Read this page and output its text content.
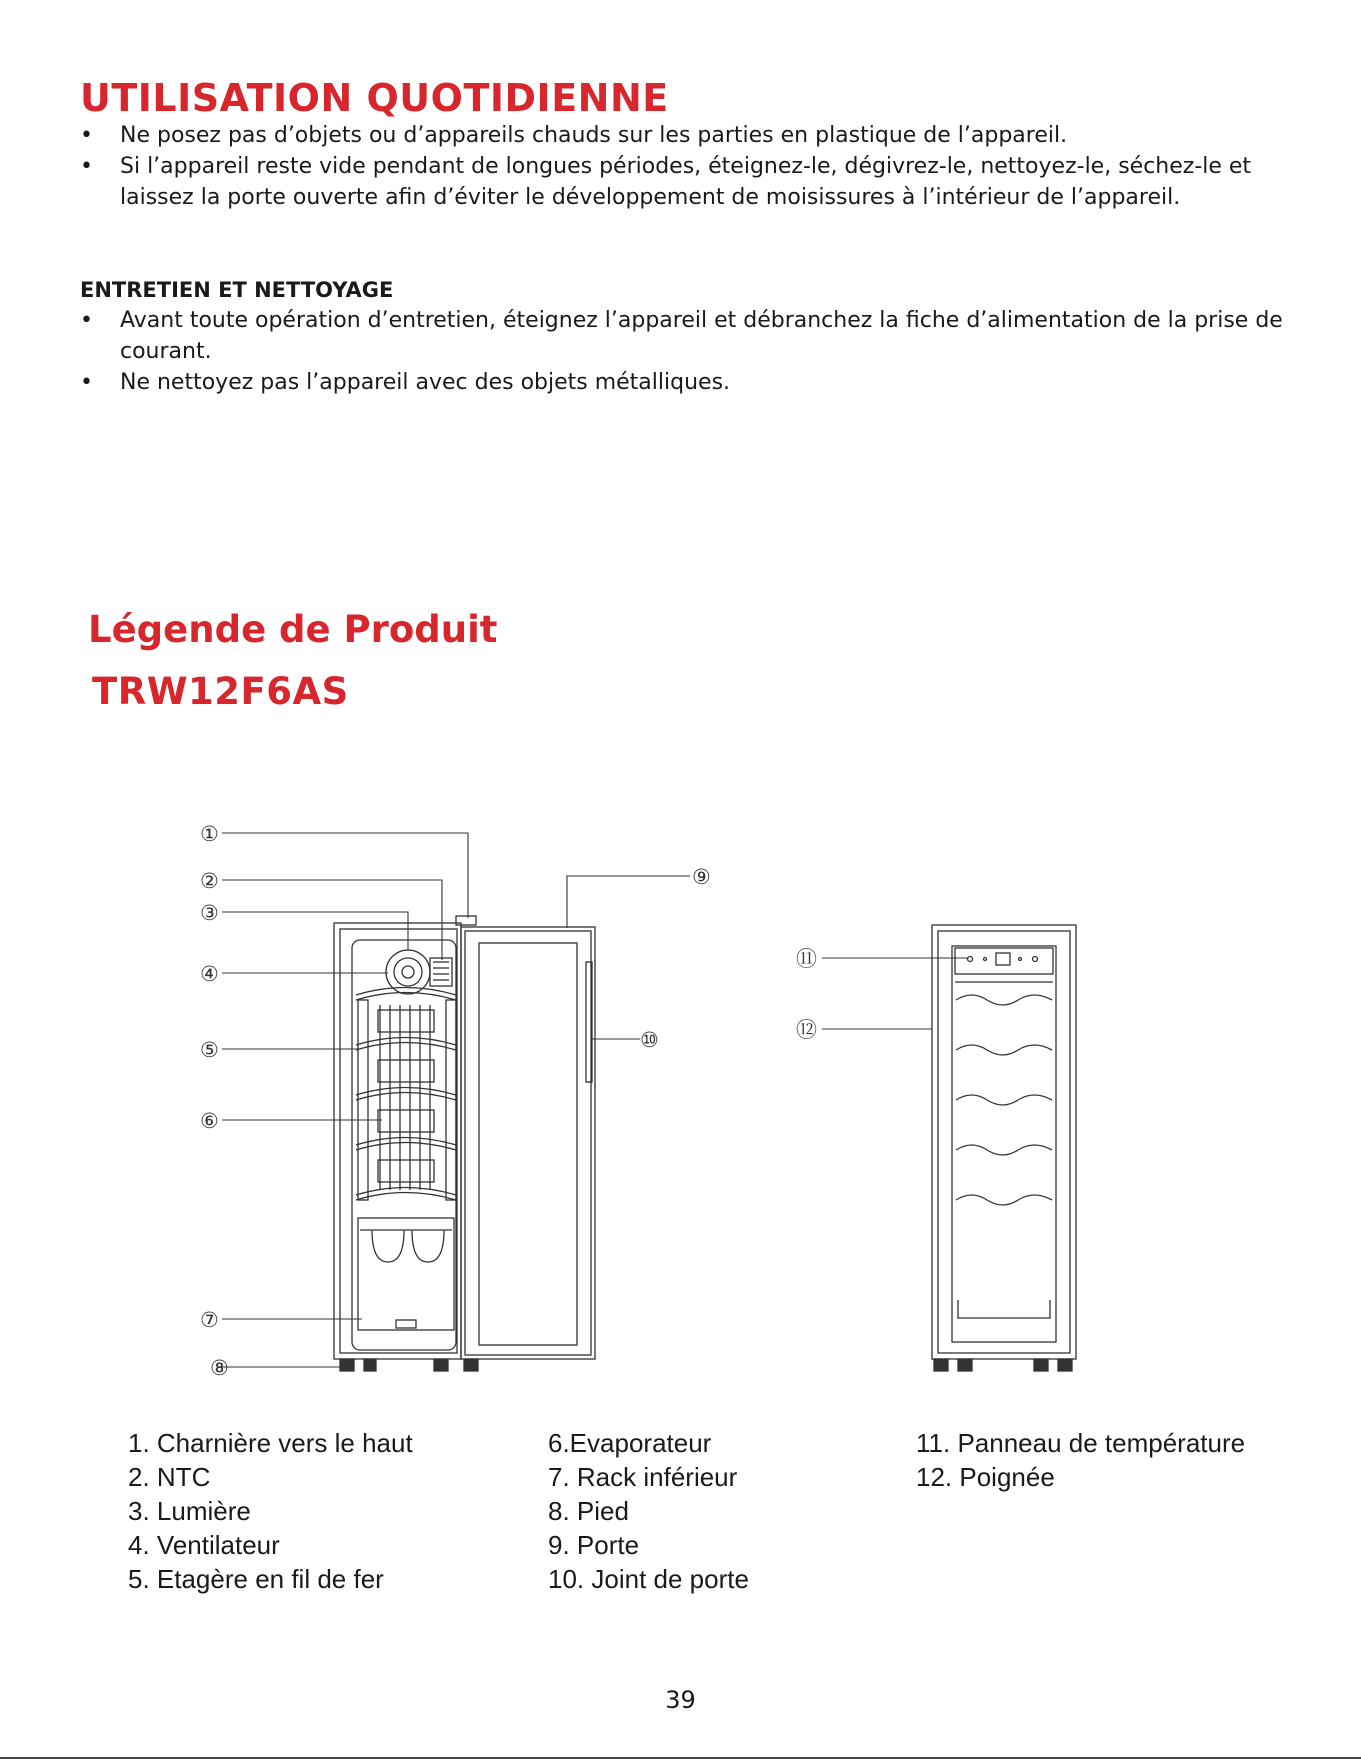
UTILISATION QUOTIDIENNE
• Ne posez pas d’objets ou d’appareils chauds sur les parties en plastique de l’appareil.
• Si l’appareil reste vide pendant de longues périodes, éteignez-le, dégivrez-le, nettoyez-le, séchez-le et laissez la porte ouverte afin d’éviter le développement de moisissures à l’intérieur de l’appareil.
ENTRETIEN ET NETTOYAGE
• Avant toute opération d’entretien, éteignez l’appareil et débranchez la fiche d’alimentation de la prise de courant.
• Ne nettoyez pas l’appareil avec des objets métalliques.
Légende de Produit
TRW12F6AS
①
②
③
④
⑤
⑥
⑦
⑧
⑨
⑩
⑪
⑫
1. Charnière vers le haut
2. NTC
3. Lumière
4. Ventilateur
5. Etagère en fil de fer
6.Evaporateur
7. Rack inférieur
8. Pied
9. Porte
10. Joint de porte
11. Panneau de température
12. Poignée
39
